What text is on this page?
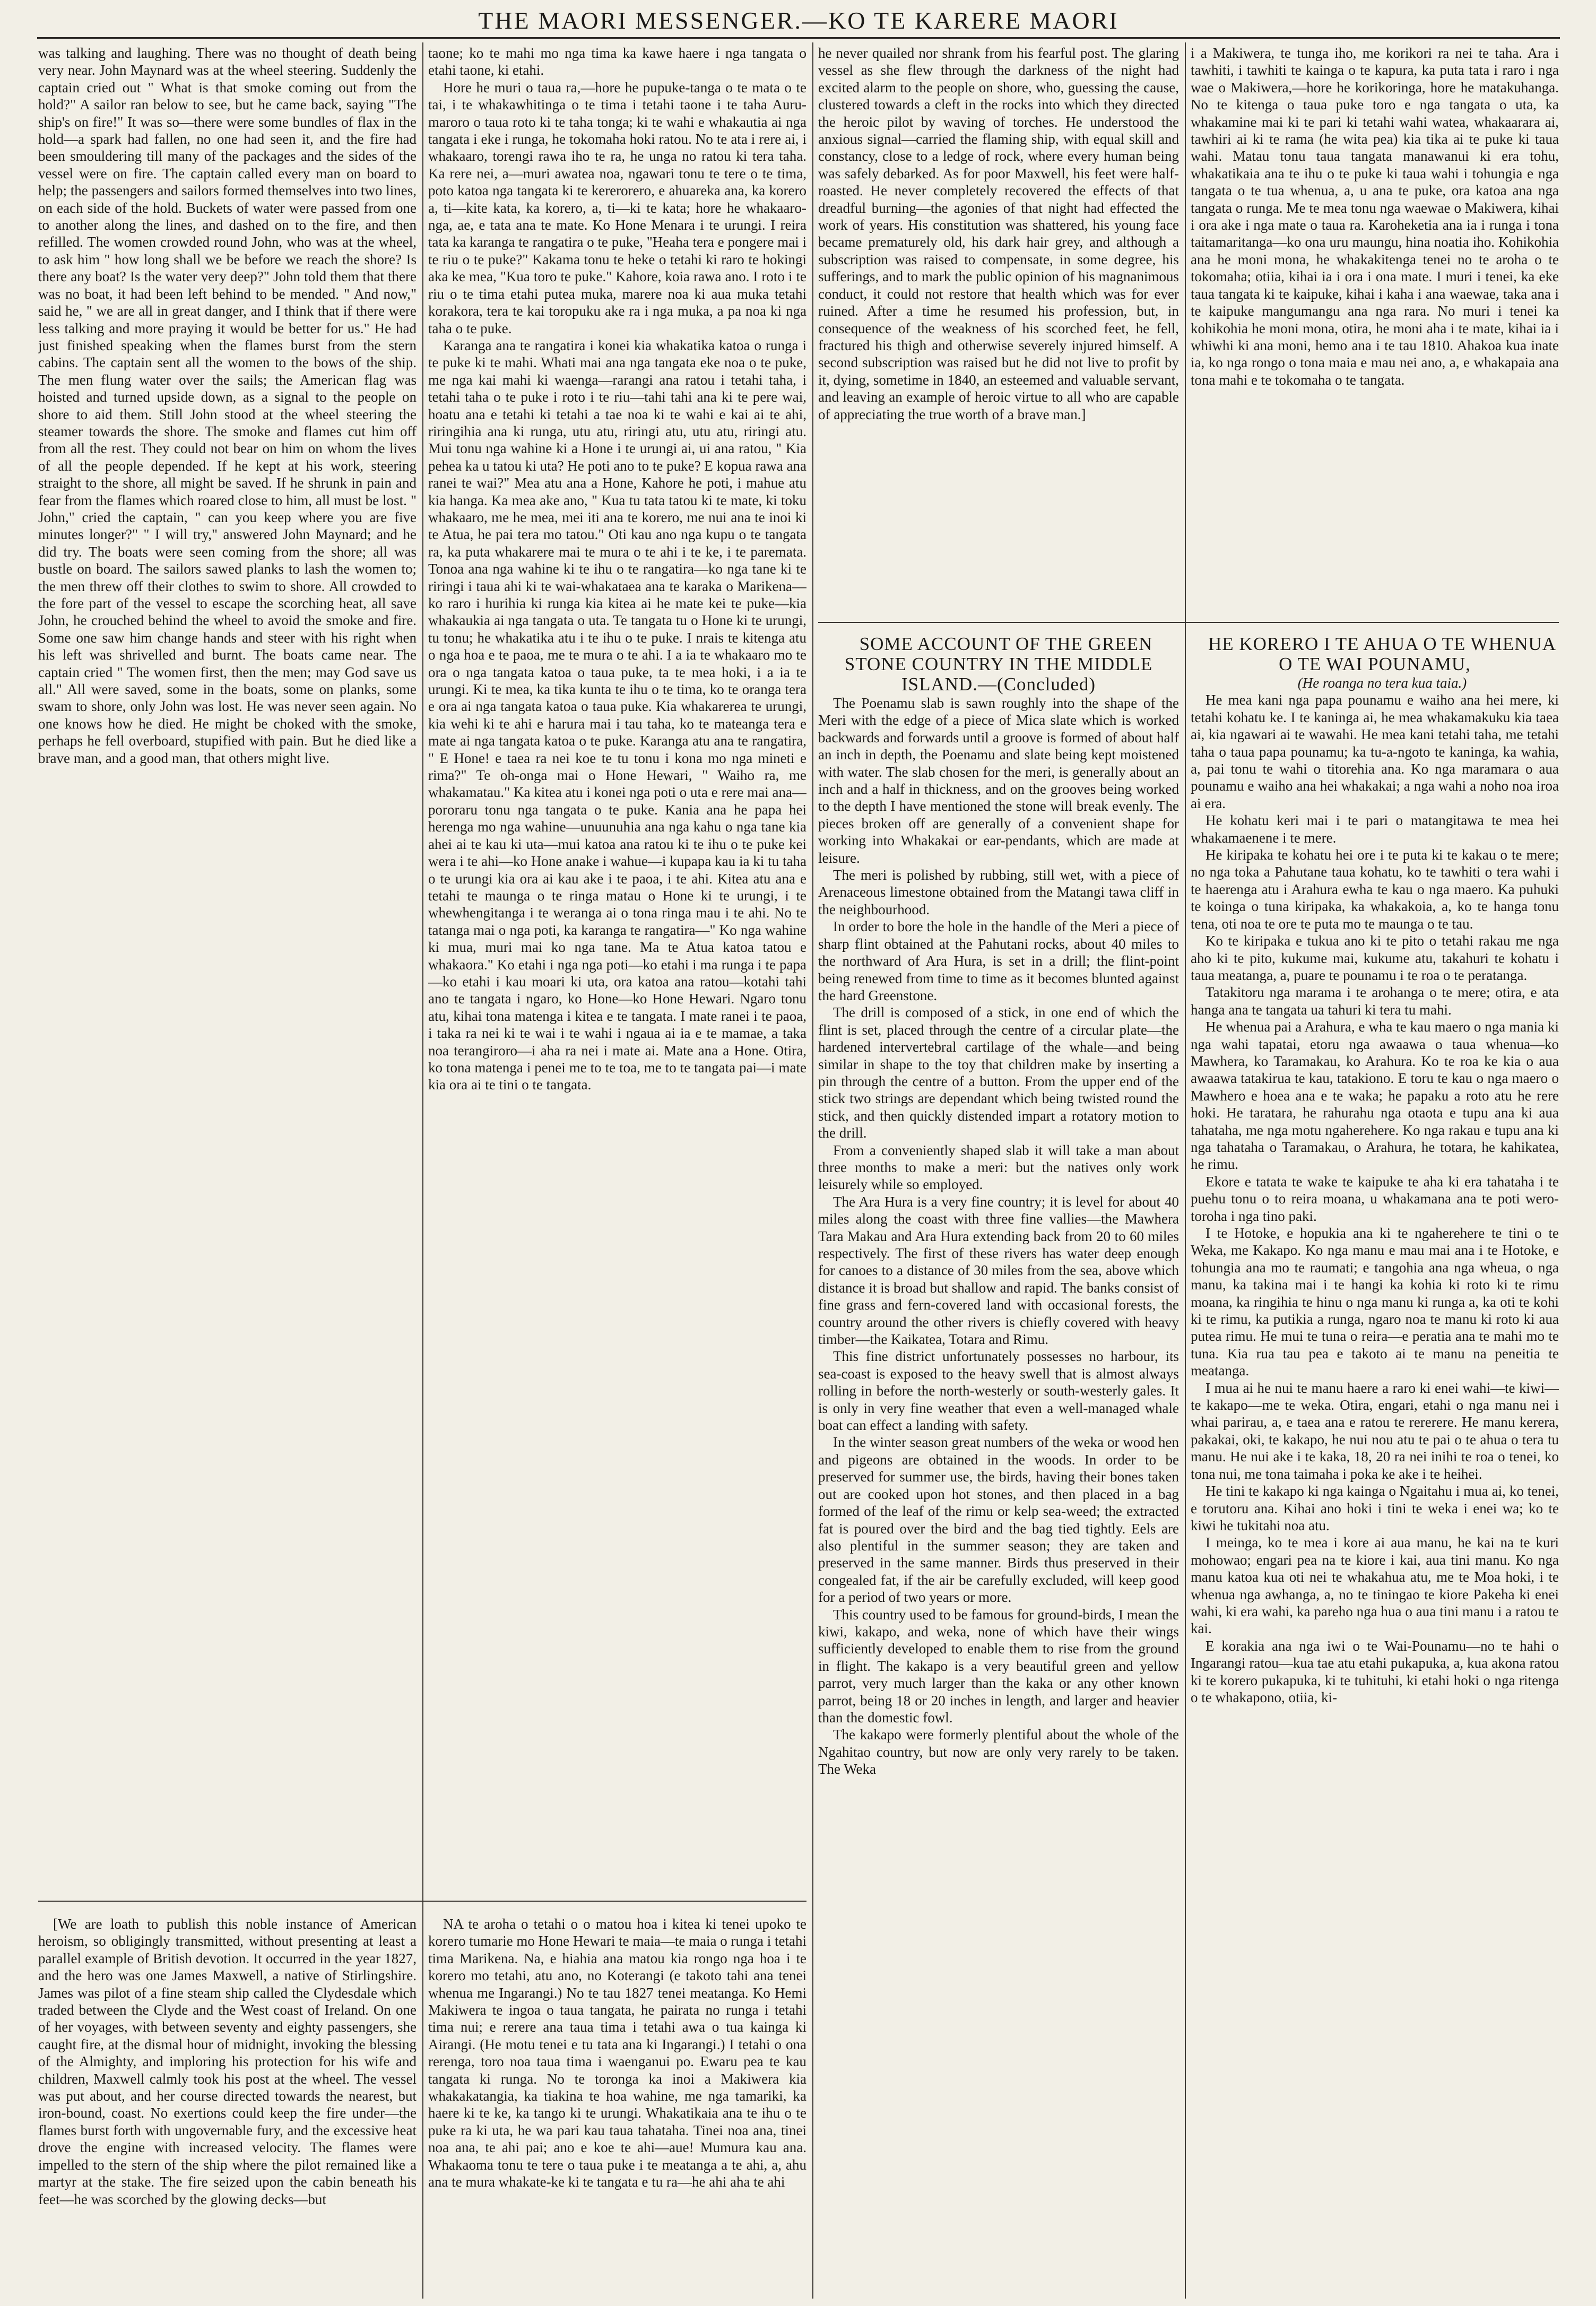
THE MAORI MESSENGER.—KO TE KARERE MAORI

was talking and laughing. There was no thought of death being very near. John Maynard was at the wheel steering. Suddenly the captain cried out " What is that smoke coming out from the hold?" A sailor ran below to see, but he came back, saying "The ship's on fire!" It was so—there were some bundles of flax in the hold—a spark had fallen, no one had seen it, and the fire had been smouldering till many of the packages and the sides of the vessel were on fire. The captain called every man on board to help; the passengers and sailors formed themselves into two lines, on each side of the hold. Buckets of water were passed from one to another along the lines, and dashed on to the fire, and then refilled. The women crowded round John, who was at the wheel, to ask him " how long shall we be before we reach the shore? Is there any boat? Is the water very deep?" John told them that there was no boat, it had been left behind to be mended. " And now," said he, " we are all in great danger, and I think that if there were less talking and more praying it would be better for us." He had just finished speaking when the flames burst from the stern cabins. The captain sent all the women to the bows of the ship. The men flung water over the sails; the American flag was hoisted and turned upside down, as a signal to the people on shore to aid them. Still John stood at the wheel steering the steamer towards the shore. The smoke and flames cut him off from all the rest. They could not bear on him on whom the lives of all the people depended. If he kept at his work, steering straight to the shore, all might be saved. If he shrunk in pain and fear from the flames which roared close to him, all must be lost. " John," cried the captain, " can you keep where you are five minutes longer?" " I will try," answered John Maynard; and he did try. The boats were seen coming from the shore; all was bustle on board. The sailors sawed planks to lash the women to; the men threw off their clothes to swim to shore. All crowded to the fore part of the vessel to escape the scorching heat, all save John, he crouched behind the wheel to avoid the smoke and fire. Some one saw him change hands and steer with his right when his left was shrivelled and burnt. The boats came near. The captain cried " The women first, then the men; may God save us all." All were saved, some in the boats, some on planks, some swam to shore, only John was lost. He was never seen again. No one knows how he died. He might be choked with the smoke, perhaps he fell overboard, stupified with pain. But he died like a brave man, and a good man, that others might live.

[We are loath to publish this noble instance of American heroism, so obligingly transmitted, without presenting at least a parallel example of British devotion. It occurred in the year 1827, and the hero was one James Maxwell, a native of Stirlingshire. James was pilot of a fine steam ship called the Clydesdale which traded between the Clyde and the West coast of Ireland. On one of her voyages, with between seventy and eighty passengers, she caught fire, at the dismal hour of midnight, invoking the blessing of the Almighty, and imploring his protection for his wife and children, Maxwell calmly took his post at the wheel. The vessel was put about, and her course directed towards the nearest, but iron-bound, coast. No exertions could keep the fire under—the flames burst forth with ungovernable fury, and the excessive heat drove the engine with increased velocity. The flames were impelled to the stern of the ship where the pilot remained like a martyr at the stake. The fire seized upon the cabin beneath his feet—he was scorched by the glowing decks—but

taone; ko te mahi mo nga tima ka kawe haere i nga tangata o etahi taone, ki etahi.

Hore he muri o taua ra,—hore he pupuke-tanga o te mata o te tai, i te whakawhitinga o te tima i tetahi taone i te taha Auru-maroro o taua roto ki te taha tonga; ki te wahi e whakautia ai nga tangata i eke i runga, he tokomaha hoki ratou. No te ata i rere ai, i whakaaro, torengi rawa iho te ra, he unga no ratou ki tera taha. Ka rere nei, a—muri awatea noa, ngawari tonu te tere o te tima, poto katoa nga tangata ki te kererorero, e ahuareka ana, ka korero a, ti—kite kata, ka korero, a, ti—ki te kata; hore he whakaaro-nga, ae, e tata ana te mate. Ko Hone Menara i te urungi. I reira tata ka karanga te rangatira o te puke, "Heaha tera e pongere mai i te riu o te puke?" Kakama tonu te heke o tetahi ki raro te hokingi aka ke mea, "Kua toro te puke." Kahore, koia rawa ano. I roto i te riu o te tima etahi putea muka, marere noa ki aua muka tetahi korakora, tera te kai toropuku ake ra i nga muka, a pa noa ki nga taha o te puke.

Karanga ana te rangatira i konei kia whakatika katoa o runga i te puke ki te mahi. Whati mai ana nga tangata eke noa o te puke, me nga kai mahi ki waenga—rarangi ana ratou i tetahi taha, i tetahi taha o te puke i roto i te riu—tahi tahi ana ki te pere wai, hoatu ana e tetahi ki tetahi a tae noa ki te wahi e kai ai te ahi, riringihia ana ki runga, utu atu, riringi atu, utu atu, riringi atu. Mui tonu nga wahine ki a Hone i te urungi ai, ui ana ratou, " Kia pehea ka u tatou ki uta? He poti ano to te puke? E kopua rawa ana ranei te wai?" Mea atu ana a Hone, Kahore he poti, i mahue atu kia hanga. Ka mea ake ano, " Kua tu tata tatou ki te mate, ki toku whakaaro, me he mea, mei iti ana te korero, me nui ana te inoi ki te Atua, he pai tera mo tatou." Oti kau ano nga kupu o te tangata ra, ka puta whakarere mai te mura o te ahi i te ke, i te paremata. Tonoa ana nga wahine ki te ihu o te rangatira—ko nga tane ki te riringi i taua ahi ki te wai-whakataea ana te karaka o Marikena—ko raro i hurihia ki runga kia kitea ai he mate kei te puke—kia whakaukia ai nga tangata o uta. Te tangata tu o Hone ki te urungi, tu tonu; he whakatika atu i te ihu o te puke. I nrais te kitenga atu o nga hoa e te paoa, me te mura o te ahi. I a ia te whakaaro mo te ora o nga tangata katoa o taua puke, ta te mea hoki, i a ia te urungi. Ki te mea, ka tika kunta te ihu o te tima, ko te oranga tera e ora ai nga tangata katoa o taua puke. Kia whakarerea te urungi, kia wehi ki te ahi e harura mai i tau taha, ko te mateanga tera e mate ai nga tangata katoa o te puke. Karanga atu ana te rangatira, " E Hone! e taea ra nei koe te tu tonu i kona mo nga mineti e rima?" Te oh-onga mai o Hone Hewari, " Waiho ra, me whakamatau." Ka kitea atu i konei nga poti o uta e rere mai ana—pororaru tonu nga tangata o te puke. Kania ana he papa hei herenga mo nga wahine—unuunuhia ana nga kahu o nga tane kia ahei ai te kau ki uta—mui katoa ana ratou ki te ihu o te puke kei wera i te ahi—ko Hone anake i wahue—i kupapa kau ia ki tu taha o te urungi kia ora ai kau ake i te paoa, i te ahi. Kitea atu ana e tetahi te maunga o te ringa matau o Hone ki te urungi, i te whewhengitanga i te weranga ai o tona ringa mau i te ahi. No te tatanga mai o nga poti, ka karanga te rangatira—" Ko nga wahine ki mua, muri mai ko nga tane. Ma te Atua katoa tatou e whakaora." Ko etahi i nga nga poti—ko etahi i ma runga i te papa—ko etahi i kau moari ki uta, ora katoa ana ratou—kotahi tahi ano te tangata i ngaro, ko Hone—ko Hone Hewari. Ngaro tonu atu, kihai tona matenga i kitea e te tangata. I mate ranei i te paoa, i taka ra nei ki te wai i te wahi i ngaua ai ia e te mamae, a taka noa terangiroro—i aha ra nei i mate ai. Mate ana a Hone. Otira, ko tona matenga i penei me to te toa, me to te tangata pai—i mate kia ora ai te tini o te tangata.

NA te aroha o tetahi o o matou hoa i kitea ki tenei upoko te korero tumarie mo Hone Hewari te maia—te maia o runga i tetahi tima Marikena. Na, e hiahia ana matou kia rongo nga hoa i te korero mo tetahi, atu ano, no Koterangi (e takoto tahi ana tenei whenua me Ingarangi.) No te tau 1827 tenei meatanga. Ko Hemi Makiwera te ingoa o taua tangata, he pairata no runga i tetahi tima nui; e rerere ana taua tima i tetahi awa o tua kainga ki Airangi. (He motu tenei e tu tata ana ki Ingarangi.) I tetahi o ona rerenga, toro noa taua tima i waenganui po. Ewaru pea te kau tangata ki runga. No te toronga ka inoi a Makiwera kia whakakatangia, ka tiakina te hoa wahine, me nga tamariki, ka haere ki te ke, ka tango ki te urungi. Whakatikaia ana te ihu o te puke ra ki uta, he wa pari kau taua tahataha. Tinei noa ana, tinei noa ana, te ahi pai; ano e koe te ahi—aue! Mumura kau ana. Whakaoma tonu te tere o taua puke i te meatanga a te ahi, a, ahu ana te mura whakate-ke ki te tangata e tu ra—he ahi aha te ahi

he never quailed nor shrank from his fearful post. The glaring vessel as she flew through the darkness of the night had excited alarm to the people on shore, who, guessing the cause, clustered towards a cleft in the rocks into which they directed the heroic pilot by waving of torches. He understood the anxious signal—carried the flaming ship, with equal skill and constancy, close to a ledge of rock, where every human being was safely debarked. As for poor Maxwell, his feet were half-roasted. He never completely recovered the effects of that dreadful burning—the agonies of that night had effected the work of years. His constitution was shattered, his young face became prematurely old, his dark hair grey, and although a subscription was raised to compensate, in some degree, his sufferings, and to mark the public opinion of his magnanimous conduct, it could not restore that health which was for ever ruined. After a time he resumed his profession, but, in consequence of the weakness of his scorched feet, he fell, fractured his thigh and otherwise severely injured himself. A second subscription was raised but he did not live to profit by it, dying, sometime in 1840, an esteemed and valuable servant, and leaving an example of heroic virtue to all who are capable of appreciating the true worth of a brave man.]

SOME ACCOUNT OF THE GREEN STONE COUNTRY IN THE MIDDLE ISLAND.—(Concluded)

The Poenamu slab is sawn roughly into the shape of the Meri with the edge of a piece of Mica slate which is worked backwards and forwards until a groove is formed of about half an inch in depth, the Poenamu and slate being kept moistened with water. The slab chosen for the meri, is generally about an inch and a half in thickness, and on the grooves being worked to the depth I have mentioned the stone will break evenly. The pieces broken off are generally of a convenient shape for working into Whakakai or ear-pendants, which are made at leisure.

The meri is polished by rubbing, still wet, with a piece of Arenaceous limestone obtained from the Matangi tawa cliff in the neighbourhood.

In order to bore the hole in the handle of the Meri a piece of sharp flint obtained at the Pahutani rocks, about 40 miles to the northward of Ara Hura, is set in a drill; the flint-point being renewed from time to time as it becomes blunted against the hard Greenstone.

The drill is composed of a stick, in one end of which the flint is set, placed through the centre of a circular plate—the hardened intervertebral cartilage of the whale—and being similar in shape to the toy that children make by inserting a pin through the centre of a button. From the upper end of the stick two strings are dependant which being twisted round the stick, and then quickly distended impart a rotatory motion to the drill.

From a conveniently shaped slab it will take a man about three months to make a meri: but the natives only work leisurely while so employed.

The Ara Hura is a very fine country; it is level for about 40 miles along the coast with three fine vallies—the Mawhera Tara Makau and Ara Hura extending back from 20 to 60 miles respectively. The first of these rivers has water deep enough for canoes to a distance of 30 miles from the sea, above which distance it is broad but shallow and rapid. The banks consist of fine grass and fern-covered land with occasional forests, the country around the other rivers is chiefly covered with heavy timber—the Kaikatea, Totara and Rimu.

This fine district unfortunately possesses no harbour, its sea-coast is exposed to the heavy swell that is almost always rolling in before the north-westerly or south-westerly gales. It is only in very fine weather that even a well-managed whale boat can effect a landing with safety.

In the winter season great numbers of the weka or wood hen and pigeons are obtained in the woods. In order to be preserved for summer use, the birds, having their bones taken out are cooked upon hot stones, and then placed in a bag formed of the leaf of the rimu or kelp sea-weed; the extracted fat is poured over the bird and the bag tied tightly. Eels are also plentiful in the summer season; they are taken and preserved in the same manner. Birds thus preserved in their congealed fat, if the air be carefully excluded, will keep good for a period of two years or more.

This country used to be famous for ground-birds, I mean the kiwi, kakapo, and weka, none of which have their wings sufficiently developed to enable them to rise from the ground in flight. The kakapo is a very beautiful green and yellow parrot, very much larger than the kaka or any other known parrot, being 18 or 20 inches in length, and larger and heavier than the domestic fowl.

The kakapo were formerly plentiful about the whole of the Ngahitao country, but now are only very rarely to be taken. The Weka

i a Makiwera, te tunga iho, me korikori ra nei te taha. Ara i tawhiti, i tawhiti te kainga o te kapura, ka puta tata i raro i nga wae o Makiwera,—hore he korikoringa, hore he matakuhanga. No te kitenga o taua puke toro e nga tangata o uta, ka whakamine mai ki te pari ki tetahi wahi watea, whakaarara ai, tawhiri ai ki te rama (he wita pea) kia tika ai te puke ki taua wahi. Matau tonu taua tangata manawanui ki era tohu, whakatikaia ana te ihu o te puke ki taua wahi i tohungia e nga tangata o te tua whenua, a, u ana te puke, ora katoa ana nga tangata o runga. Me te mea tonu nga waewae o Makiwera, kihai i ora ake i nga mate o taua ra. Karoheketia ana ia i runga i tona taitamaritanga—ko ona uru maungu, hina noatia iho. Kohikohia ana he moni mona, he whakakitenga tenei no te aroha o te tokomaha; otiia, kihai ia i ora i ona mate. I muri i tenei, ka eke taua tangata ki te kaipuke, kihai i kaha i ana waewae, taka ana i te kaipuke mangumangu ana nga rara. No muri i tenei ka kohikohia he moni mona, otira, he moni aha i te mate, kihai ia i whiwhi ki ana moni, hemo ana i te tau 1810. Ahakoa kua inate ia, ko nga rongo o tona maia e mau nei ano, a, e whakapaia ana tona mahi e te tokomaha o te tangata.

HE KORERO I TE AHUA O TE WHENUA O TE WAI POUNAMU,

(He roanga no tera kua taia.)

He mea kani nga papa pounamu e waiho ana hei mere, ki tetahi kohatu ke. I te kaninga ai, he mea whakamakuku kia taea ai, kia ngawari ai te wawahi. He mea kani tetahi taha, me tetahi taha o taua papa pounamu; ka tu-a-ngoto te kaninga, ka wahia, a, pai tonu te wahi o titorehia ana. Ko nga maramara o aua pounamu e waiho ana hei whakakai; a nga wahi a noho noa iroa ai era.

He kohatu keri mai i te pari o matangitawa te mea hei whakamaenene i te mere.

He kiripaka te kohatu hei ore i te puta ki te kakau o te mere; no nga toka a Pahutane taua kohatu, ko te tawhiti o tera wahi i te haerenga atu i Arahura ewha te kau o nga maero. Ka puhuki te koinga o tuna kiripaka, ka whakakoia, a, ko te hanga tonu tena, oti noa te ore te puta mo te maunga o te tau.

Ko te kiripaka e tukua ano ki te pito o tetahi rakau me nga aho ki te pito, kukume mai, kukume atu, takahuri te kohatu i taua meatanga, a, puare te pounamu i te roa o te peratanga.

Tatakitoru nga marama i te arohanga o te mere; otira, e ata hanga ana te tangata ua tahuri ki tera tu mahi.

He whenua pai a Arahura, e wha te kau maero o nga mania ki nga wahi tapatai, etoru nga awaawa o taua whenua—ko Mawhera, ko Taramakau, ko Arahura. Ko te roa ke kia o aua awaawa tatakirua te kau, tatakiono. E toru te kau o nga maero o Mawhero e hoea ana e te waka; he papaku a roto atu he rere hoki. He taratara, he rahurahu nga otaota e tupu ana ki aua tahataha, me nga motu ngaherehere. Ko nga rakau e tupu ana ki nga tahataha o Taramakau, o Arahura, he totara, he kahikatea, he rimu.

Ekore e tatata te wake te kaipuke te aha ki era tahataha i te puehu tonu o to reira moana, u whakamana ana te poti wero-toroha i nga tino paki.

I te Hotoke, e hopukia ana ki te ngaherehere te tini o te Weka, me Kakapo. Ko nga manu e mau mai ana i te Hotoke, e tohungia ana mo te raumati; e tangohia ana nga wheua, o nga manu, ka takina mai i te hangi ka kohia ki roto ki te rimu moana, ka ringihia te hinu o nga manu ki runga a, ka oti te kohi ki te rimu, ka putikia a runga, ngaro noa te manu ki roto ki aua putea rimu. He mui te tuna o reira—e peratia ana te mahi mo te tuna. Kia rua tau pea e takoto ai te manu na peneitia te meatanga.

I mua ai he nui te manu haere a raro ki enei wahi—te kiwi—te kakapo—me te weka. Otira, engari, etahi o nga manu nei i whai parirau, a, e taea ana e ratou te rererere. He manu kerera, pakakai, oki, te kakapo, he nui nou atu te pai o te ahua o tera tu manu. He nui ake i te kaka, 18, 20 ra nei inihi te roa o tenei, ko tona nui, me tona taimaha i poka ke ake i te heihei.

He tini te kakapo ki nga kainga o Ngaitahu i mua ai, ko tenei, e torutoru ana. Kihai ano hoki i tini te weka i enei wa; ko te kiwi he tukitahi noa atu.

I meinga, ko te mea i kore ai aua manu, he kai na te kuri mohowao; engari pea na te kiore i kai, aua tini manu. Ko nga manu katoa kua oti nei te whakahua atu, me te Moa hoki, i te whenua nga awhanga, a, no te tiningao te kiore Pakeha ki enei wahi, ki era wahi, ka pareho nga hua o aua tini manu i a ratou te kai.

E korakia ana nga iwi o te Wai-Pounamu—no te hahi o Ingarangi ratou—kua tae atu etahi pukapuka, a, kua akona ratou ki te korero pukapuka, ki te tuhituhi, ki etahi hoki o nga ritenga o te whakapono, otiia, ki-
